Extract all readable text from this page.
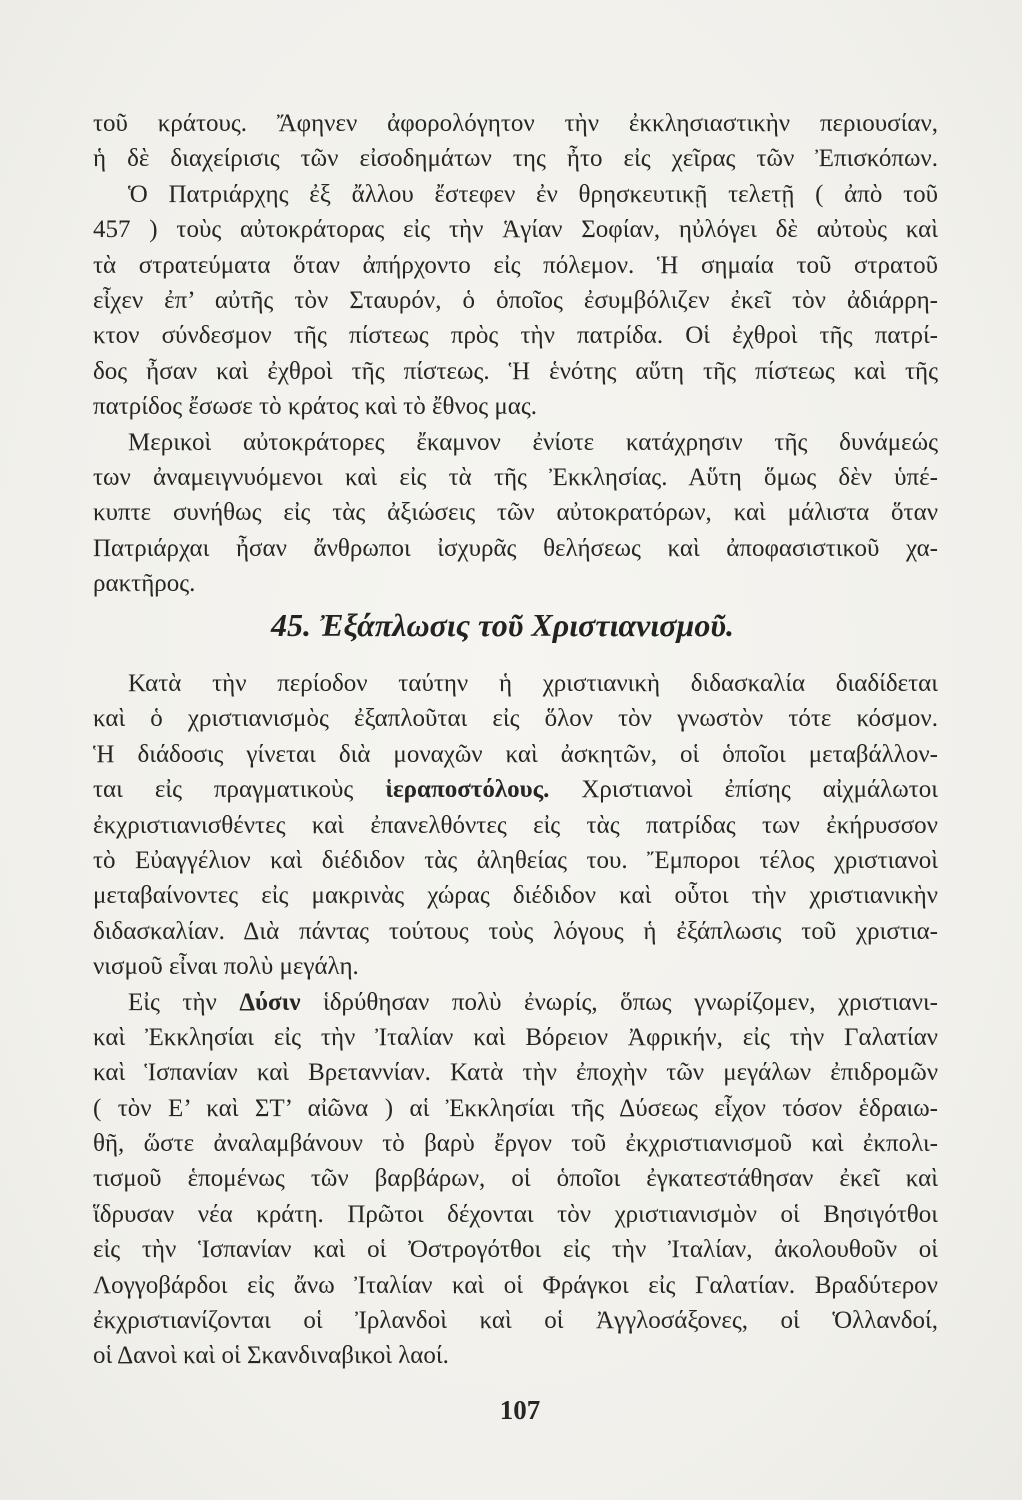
τοῦ κράτους. Ἄφηνεν ἀφορολόγητον τὴν ἐκκλησιαστικὴν περιουσίαν,
ἡ δὲ διαχείρισις τῶν εἰσοδημάτων της ἦτο εἰς χεῖρας τῶν Ἐπισκόπων.
Ὁ Πατριάρχης ἐξ ἄλλου ἔστεφεν ἐν θρησκευτικῇ τελετῇ ( ἀπὸ τοῦ
457 ) τοὺς αὐτοκράτορας εἰς τὴν Ἁγίαν Σοφίαν, ηὐλόγει δὲ αὐτοὺς καὶ
τὰ στρατεύματα ὅταν ἀπήρχοντο εἰς πόλεμον. Ἡ σημαία τοῦ στρατοῦ
εἶχεν ἐπ’ αὐτῆς τὸν Σταυρόν, ὁ ὁποῖος ἐσυμβόλιζεν ἐκεῖ τὸν ἀδιάρρη-
κτον σύνδεσμον τῆς πίστεως πρὸς τὴν πατρίδα. Οἱ ἐχθροὶ τῆς πατρί-
δος ἦσαν καὶ ἐχθροὶ τῆς πίστεως. Ἡ ἑνότης αὕτη τῆς πίστεως καὶ τῆς
πατρίδος ἔσωσε τὸ κράτος καὶ τὸ ἔθνος μας.
Μερικοὶ αὐτοκράτορες ἔκαμνον ἐνίοτε κατάχρησιν τῆς δυνάμεώς
των ἀναμειγνυόμενοι καὶ εἰς τὰ τῆς Ἐκκλησίας. Αὕτη ὅμως δὲν ὑπέ-
κυπτε συνήθως εἰς τὰς ἀξιώσεις τῶν αὐτοκρατόρων, καὶ μάλιστα ὅταν
Πατριάρχαι ἦσαν ἄνθρωποι ἰσχυρᾶς θελήσεως καὶ ἀποφασιστικοῦ χα-
ρακτῆρος.
45. Ἐξάπλωσις τοῦ Χριστιανισμοῦ.
Κατὰ τὴν περίοδον ταύτην ἡ χριστιανικὴ διδασκαλία διαδίδεται
καὶ ὁ χριστιανισμὸς ἐξαπλοῦται εἰς ὅλον τὸν γνωστὸν τότε κόσμον.
Ἡ διάδοσις γίνεται διὰ μοναχῶν καὶ ἀσκητῶν, οἱ ὁποῖοι μεταβάλλον-
ται εἰς πραγματικοὺς ἱεραποστόλους. Χριστιανοὶ ἐπίσης αἰχμάλωτοι
ἐκχριστιανισθέντες καὶ ἐπανελθόντες εἰς τὰς πατρίδας των ἐκήρυσσον
τὸ Εὐαγγέλιον καὶ διέδιδον τὰς ἀληθείας του. Ἔμποροι τέλος χριστιανοὶ
μεταβαίνοντες εἰς μακρινὰς χώρας διέδιδον καὶ οὗτοι τὴν χριστιανικὴν
διδασκαλίαν. Διὰ πάντας τούτους τοὺς λόγους ἡ ἐξάπλωσις τοῦ χριστια-
νισμοῦ εἶναι πολὺ μεγάλη.
Εἰς τὴν Δύσιν ἱδρύθησαν πολὺ ἐνωρίς, ὅπως γνωρίζομεν, χριστιανι-
καὶ Ἐκκλησίαι εἰς τὴν Ἰταλίαν καὶ Βόρειον Ἀφρικήν, εἰς τὴν Γαλατίαν
καὶ Ἱσπανίαν καὶ Βρεταννίαν. Κατὰ τὴν ἐποχὴν τῶν μεγάλων ἐπιδρομῶν
( τὸν Ε’ καὶ ΣΤ’ αἰῶνα ) αἱ Ἐκκλησίαι τῆς Δύσεως εἶχον τόσον ἑδραιω-
θῆ, ὥστε ἀναλαμβάνουν τὸ βαρὺ ἔργον τοῦ ἐκχριστιανισμοῦ καὶ ἐκπολι-
τισμοῦ ἑπομένως τῶν βαρβάρων, οἱ ὁποῖοι ἐγκατεστάθησαν ἐκεῖ καὶ
ἵδρυσαν νέα κράτη. Πρῶτοι δέχονται τὸν χριστιανισμὸν οἱ Βησιγότθοι
εἰς τὴν Ἱσπανίαν καὶ οἱ Ὀστρογότθοι εἰς τὴν Ἰταλίαν, ἀκολουθοῦν οἱ
Λογγοβάρδοι εἰς ἄνω Ἰταλίαν καὶ οἱ Φράγκοι εἰς Γαλατίαν. Βραδύτερον
ἐκχριστιανίζονται οἱ Ἰρλανδοὶ καὶ οἱ Ἀγγλοσάξονες, οἱ Ὁλλανδοί,
οἱ Δανοὶ καὶ οἱ Σκανδιναβικοὶ λαοί.
107
